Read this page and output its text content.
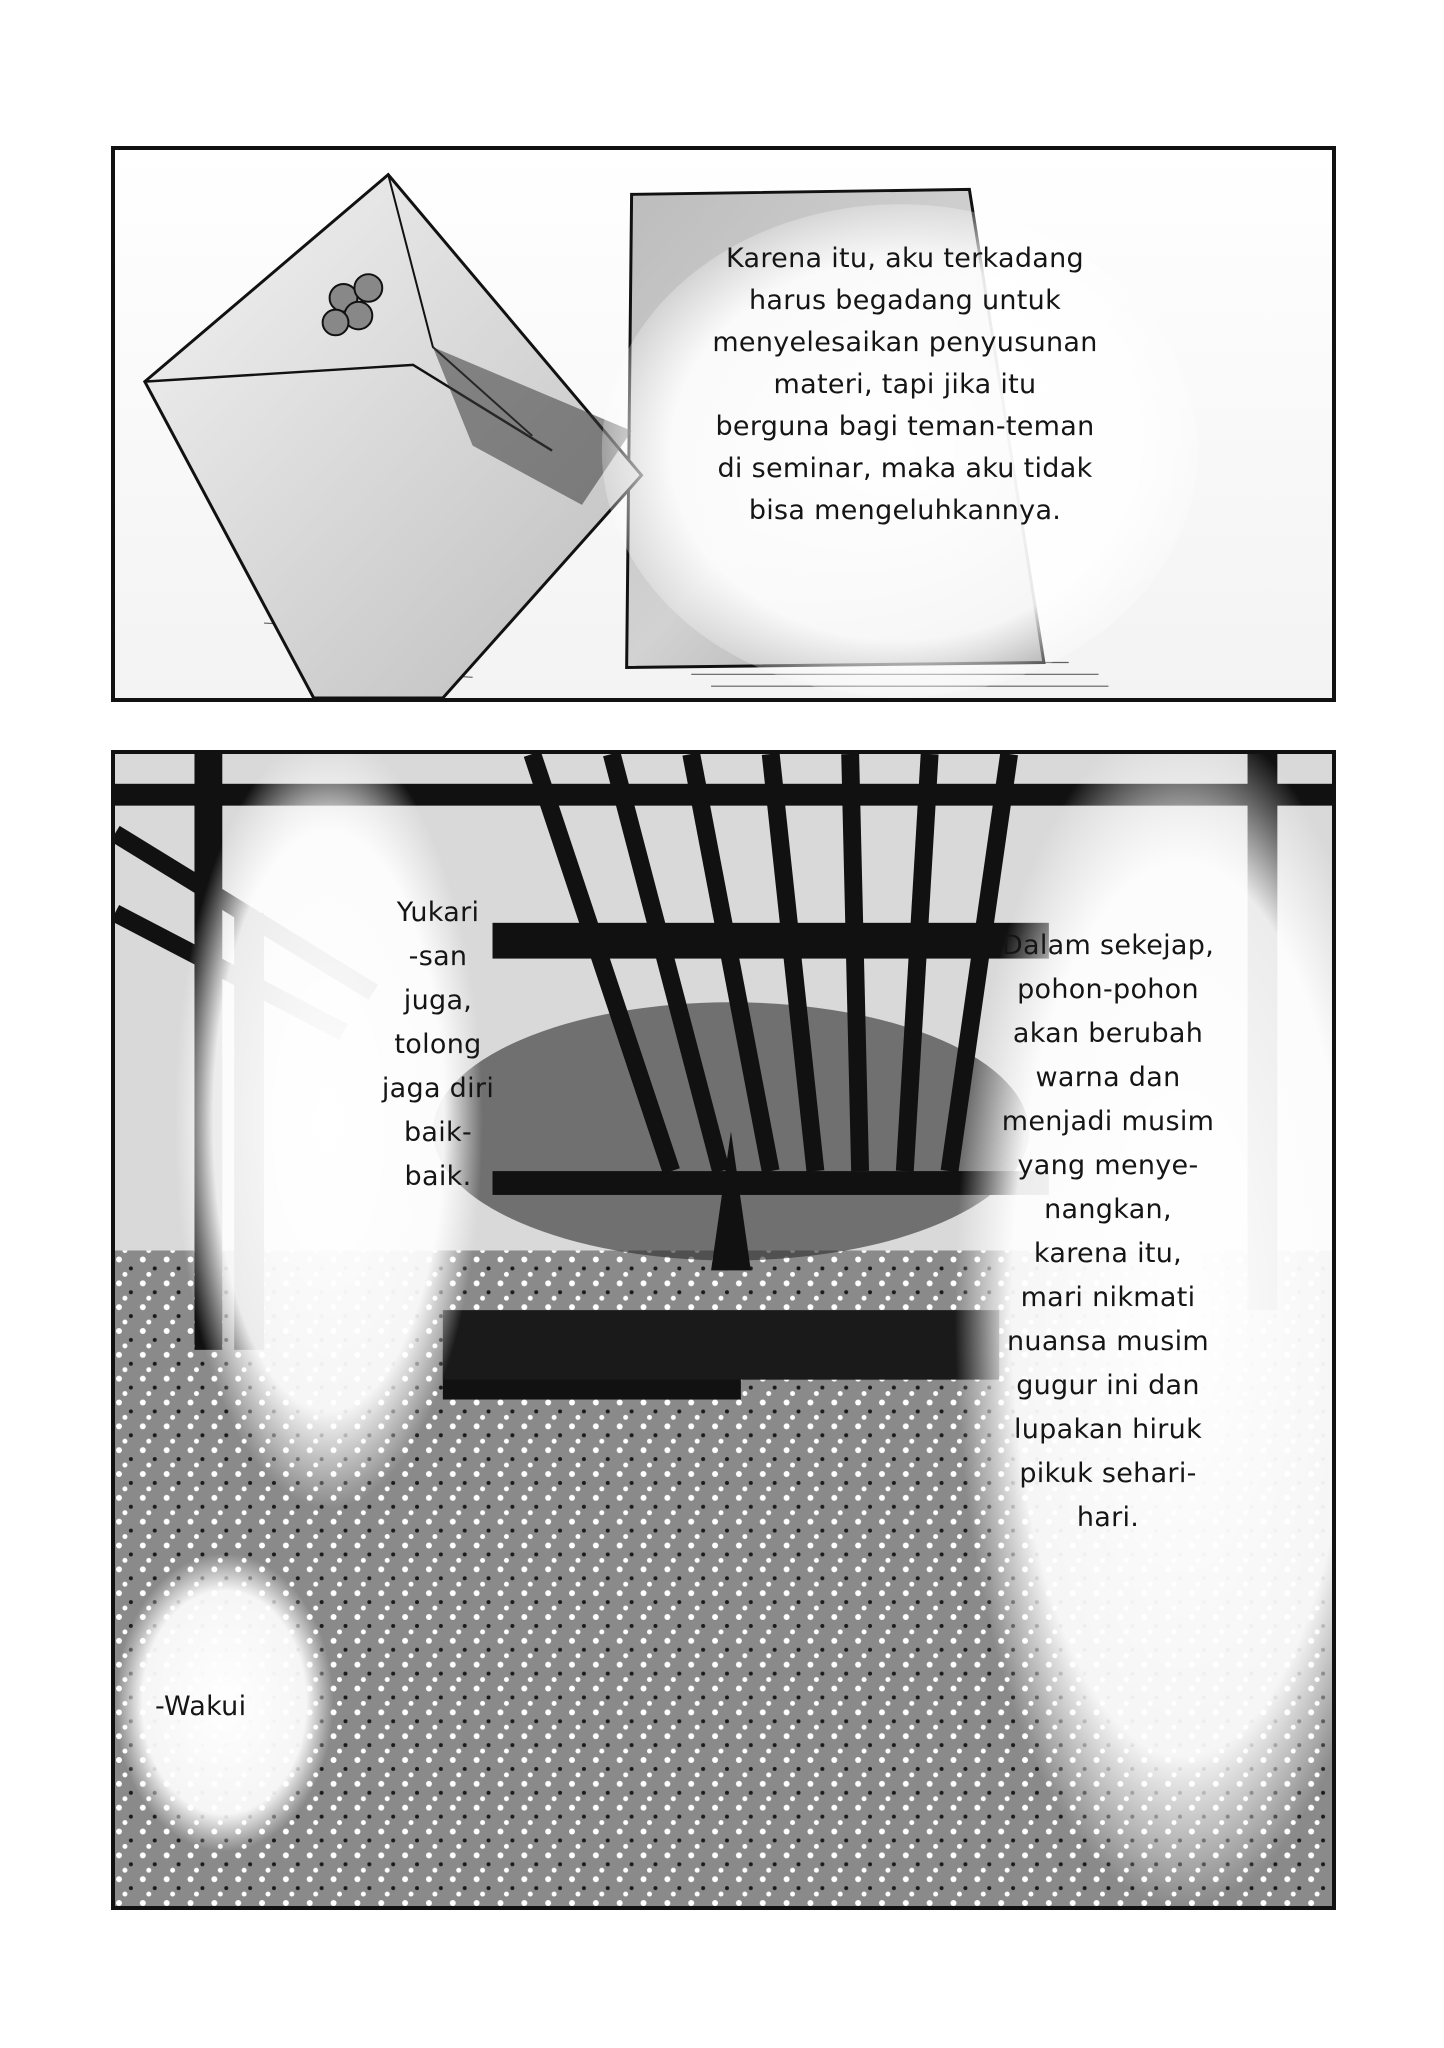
Karena itu, aku terkadang
harus begadang untuk
menyelesaikan penyusunan
materi, tapi jika itu
berguna bagi teman-teman
di seminar, maka aku tidak
bisa mengeluhkannya.
Yukari
-san
juga,
tolong
jaga diri
baik-
baik.
Dalam sekejap,
pohon-pohon
akan berubah
warna dan
menjadi musim
yang menye-
nangkan,
karena itu,
mari nikmati
nuansa musim
gugur ini dan
lupakan hiruk
pikuk sehari-
hari.
-Wakui
